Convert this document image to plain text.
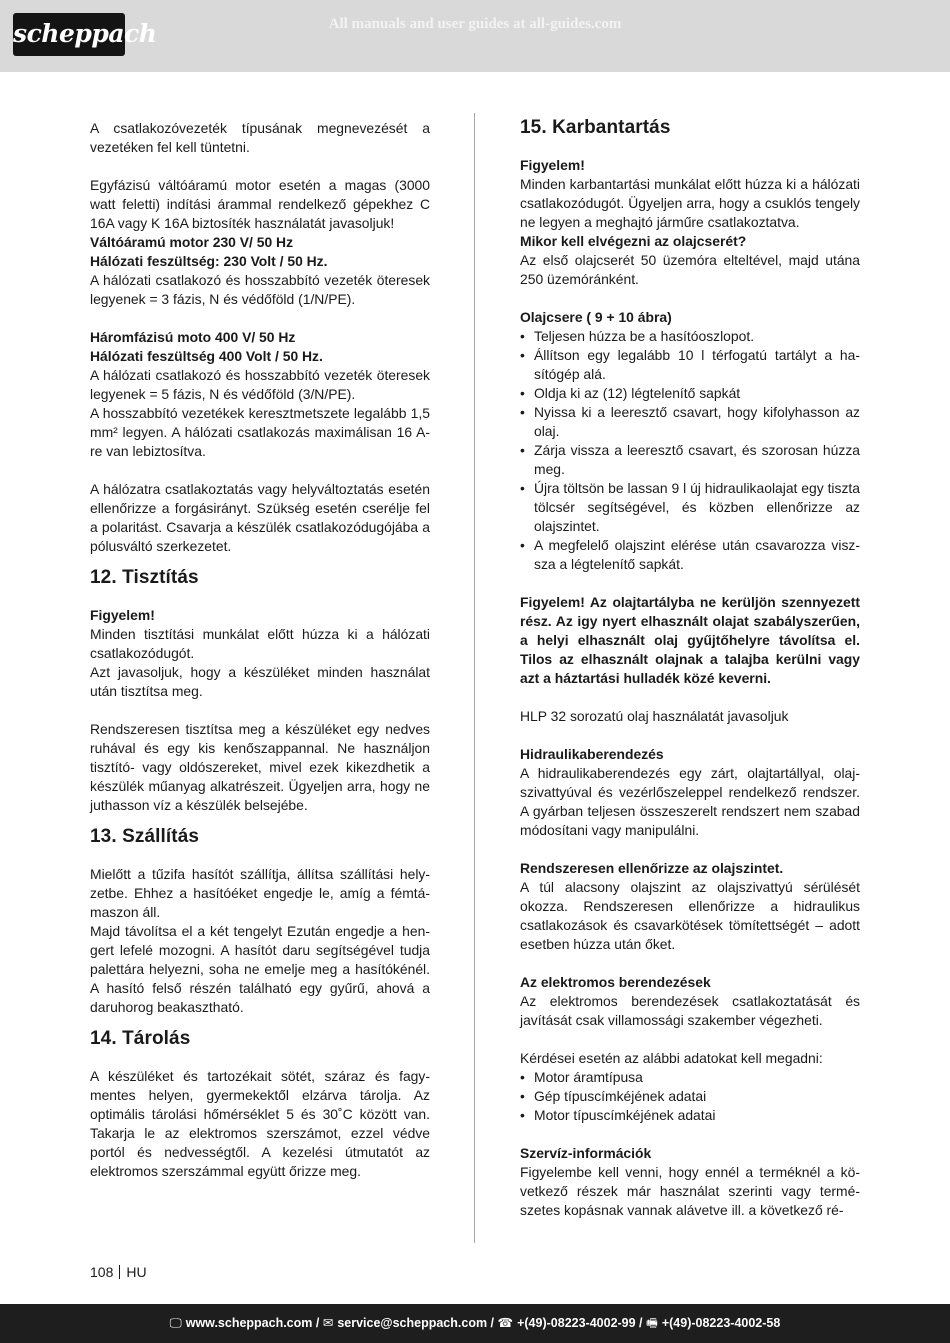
scheppach	All manuals and user guides at all-guides.com

A csatlakozóvezeték típusának megnevezését a vezetéken fel kell tüntetni.

Egyfázisú váltóáramú motor esetén a magas (3000 watt feletti) indítási árammal rendelkező gépekhez C 16A vagy K 16A biztosíték használatát javasoljuk!

Váltóáramú motor 230 V/ 50 Hz

Hálózati feszültség: 230 Volt / 50 Hz.

A hálózati csatlakozó és hosszabbító vezeték öteresek legyenek = 3 fázis, N és védőföld (1/N/PE).

Háromfázisú moto 400 V/ 50 Hz

Hálózati feszültség 400 Volt / 50 Hz.

A hálózati csatlakozó és hosszabbító vezeték öteresek legyenek = 5 fázis, N és védőföld (3/N/PE).

A hosszabbító vezetékek keresztmetszete legalább 1,5 mm² legyen. A hálózati csatlakozás maximálisan 16 A-re van lebiztosítva.

A hálózatra csatlakoztatás vagy helyváltoztatás esetén ellenőrizze a forgásirányt. Szükség esetén cserélje fel a polaritást. Csavarja a készülék csatlakozódugójába a pólusváltó szerkezetet.

12. Tisztítás

Figyelem!

Minden tisztítási munkálat előtt húzza ki a hálózati csatlakozódugót.

Azt javasoljuk, hogy a készüléket minden használat után tisztítsa meg.

Rendszeresen tisztítsa meg a készüléket egy nedves ruhával és egy kis kenőszappannal. Ne használjon tisztító- vagy oldószereket, mivel ezek kikezdhetik a készülék műanyag alkatrészeit. Ügyeljen arra, hogy ne juthasson víz a készülék belsejébe.

13. Szállítás

Mielőtt a tűzifa hasítót szállítja, állítsa szállítási helyzetbe. Ehhez a hasítóéket engedje le, amíg a fémtámaszon áll.

Majd távolítsa el a két tengelyt Ezután engedje a hengert lefelé mozogni. A hasítót daru segítségével tudja palettára helyezni, soha ne emelje meg a hasítókénél. A hasító felső részén található egy gyűrű, ahová a daruhorog beakasztható.

14. Tárolás

A készüléket és tartozékait sötét, száraz és fagymentes helyen, gyermekektől elzárva tárolja. Az optimális tárolási hőmérséklet 5 és 30˚C között van. Takarja le az elektromos szerszámot, ezzel védve portól és nedvességtől. A kezelési útmutatót az elektromos szerszámmal együtt őrizze meg.

15. Karbantartás

Figyelem!

Minden karbantartási munkálat előtt húzza ki a hálózati csatlakozódugót. Ügyeljen arra, hogy a csuklós tengely ne legyen a meghajtó járműre csatlakoztatva.

Mikor kell elvégezni az olajcserét?

Az első olajcserét 50 üzemóra elteltével, majd utána 250 üzemóránként.

Olajcsere ( 9 + 10 ábra)

• Teljesen húzza be a hasítóoszlopot.
• Állítson egy legalább 10 l térfogatú tartályt a hasítógép alá.
• Oldja ki az (12) légtelenítő sapkát
• Nyissa ki a leeresztő csavart, hogy kifolyhasson az olaj.
• Zárja vissza a leeresztő csavart, és szorosan húzza meg.
• Újra töltsön be lassan 9 l új hidraulikaolajat egy tiszta tölcsér segítségével, és közben ellenőrizze az olajszintet.
• A megfelelő olajszint elérése után csavarozza viszsza a légtelenítő sapkát.

Figyelem! Az olajtartályba ne kerüljön szennyezett rész. Az igy nyert elhasznált olajat szabályszerűen, a helyi elhasznált olaj gyűjtőhelyre távolítsa el. Tilos az elhasznált olajnak a talajba kerülni vagy azt a háztartási hulladék közé keverni.

HLP 32 sorozatú olaj használatát javasoljuk

Hidraulikaberendezés

A hidraulikaberendezés egy zárt, olajtartállyal, olajszivattyúval és vezérlőszeleppel rendelkező rendszer. A gyárban teljesen összeszerelt rendszert nem szabad módosítani vagy manipulálni.

Rendszeresen ellenőrizze az olajszintet.

A túl alacsony olajszint az olajszivattyú sérülését okozza. Rendszeresen ellenőrizze a hidraulikus csatlakozások és csavarkötések tömítettségét – adott esetben húzza után őket.

Az elektromos berendezések

Az elektromos berendezések csatlakoztatását és javítását csak villamossági szakember végezheti.

Kérdései esetén az alábbi adatokat kell megadni:

• Motor áramtípusa
• Gép típuscímkéjének adatai
• Motor típuscímkéjének adatai

Szervíz-információk

Figyelembe kell venni, hogy ennél a terméknél a következő részek már használat szerinti vagy természetes kopásnak vannak alávetve ill. a következő ré-

108 HU
🖵 www.scheppach.com / ✉ service@scheppach.com / ☎ +(49)-08223-4002-99 / 🖷 +(49)-08223-4002-58
